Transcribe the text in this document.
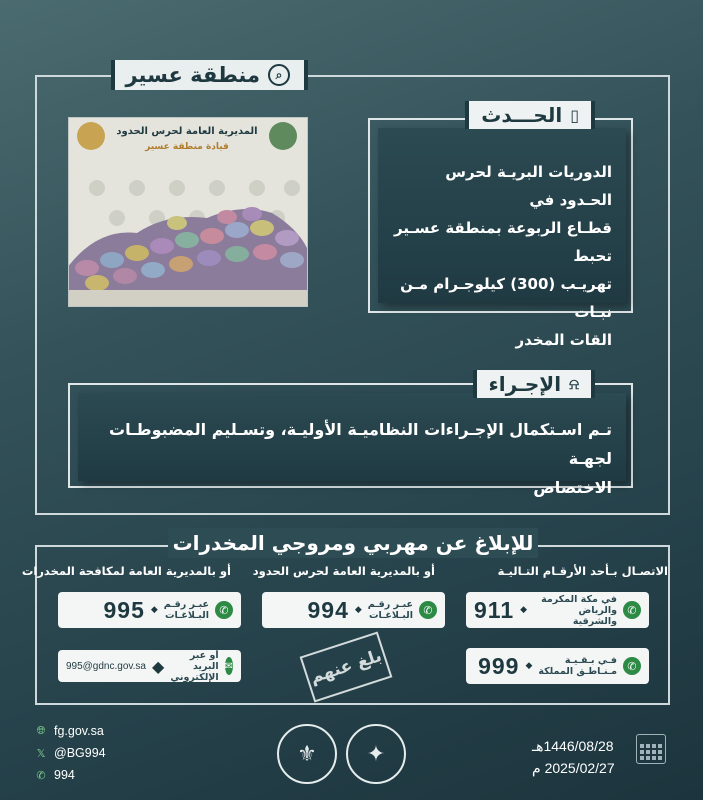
⌕
منطقة عسير
المديرية العامة لحرس الحدود
قيادة منطقة عسير
الدوريات البريـة لحرس الحـدود في
قطـاع الربوعة بمنطقة عسـير تحبط
تهريـب (300) كيلوجـرام مـن نبـات
القات المخدر
▯
الحـــدث
تـم اسـتكمال الإجـراءات النظاميـة الأوليـة، وتسـليم المضبوطـات لجهـة
الاختصاص
⍾
الإجـراء
للإبلاغ عن مهربي ومروجي المخدرات
الاتصـال بـأحد الأرقـام التـاليـة
أو بالمديرية العامة لحرس الحدود
أو بالمديرية العامة لمكافحة المخدرات
✆
في مكة المكرمة
والرياض والشرقية
◆
911
✆
فـي بـقـيـة
مـنـاطـق المملكة
◆
999
✆
عبـر رقـم
البـلاغـات
◆
994
✆
عبـر رقـم
البـلاغـات
◆
995
✉
أو عبر البريد
الإلكتروني
◆
995@gdnc.gov.sa	بلغ عنهم
🌐︎ fg.gov.sa
𝕏 @BG994
✆ 994
⚜	✦	1446/08/28هـ
2025/02/27 م
